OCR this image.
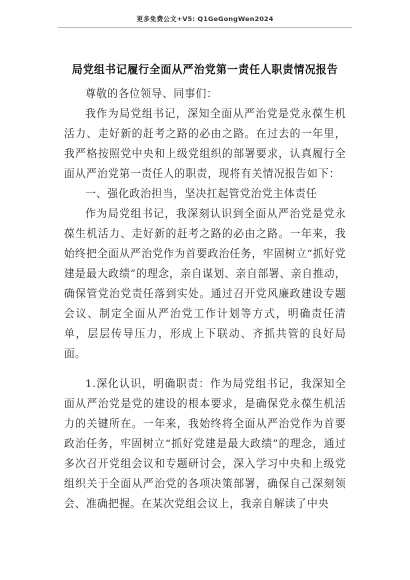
更多免费公文+V5: Q1GeGongWen2024
局党组书记履行全面从严治党第一责任人职责情况报告

尊敬的各位领导、同事们：

我作为局党组书记，深知全面从严治党是党永葆生机活力、走好新的赶考之路的必由之路。在过去的一年里，我严格按照党中央和上级党组织的部署要求，认真履行全面从严治党第一责任人的职责，现将有关情况报告如下：

一、强化政治担当，坚决扛起管党治党主体责任

作为局党组书记，我深刻认识到全面从严治党是党永葆生机活力、走好新的赶考之路的必由之路。一年来，我始终把全面从严治党作为首要政治任务，牢固树立“抓好党建是最大政绩”的理念，亲自谋划、亲自部署、亲自推动，确保管党治党责任落到实处。通过召开党风廉政建设专题会议、制定全面从严治党工作计划等方式，明确责任清单，层层传导压力，形成上下联动、齐抓共管的良好局面。

1.深化认识，明确职责：作为局党组书记，我深知全面从严治党是党的建设的根本要求，是确保党永葆生机活力的关键所在。一年来，我始终将全面从严治党作为首要政治任务，牢固树立“抓好党建是最大政绩”的理念，通过多次召开党组会议和专题研讨会，深入学习中央和上级党组织关于全面从严治党的各项决策部署，确保自己深刻领会、准确把握。在某次党组会议上，我亲自解读了中央
